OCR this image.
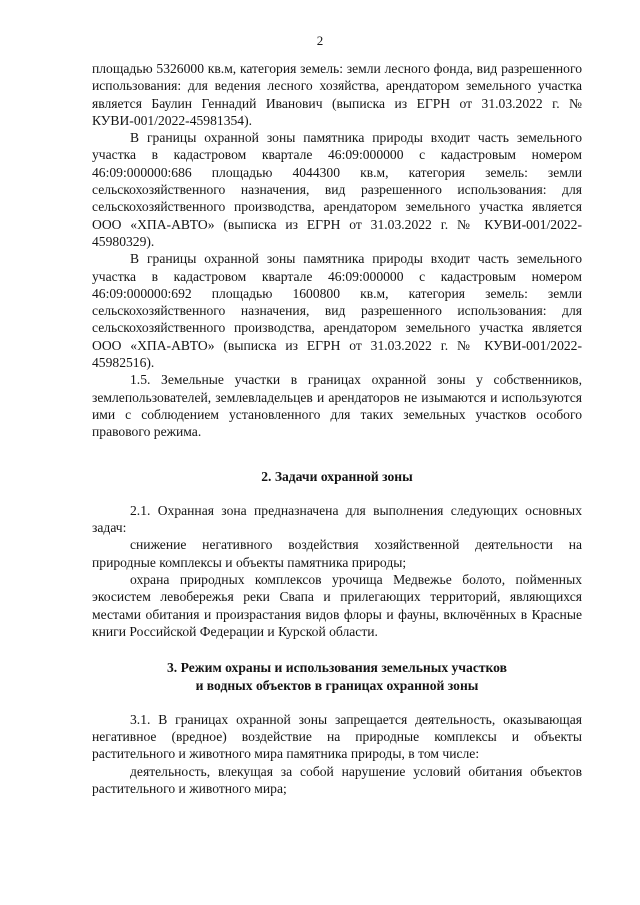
2

площадью 5326000 кв.м, категория земель: земли лесного фонда, вид разрешенного использования: для ведения лесного хозяйства, арендатором земельного участка является Баулин Геннадий Иванович (выписка из ЕГРН от 31.03.2022 г. № КУВИ-001/2022-45981354).

В границы охранной зоны памятника природы входит часть земельного участка в кадастровом квартале 46:09:000000 с кадастровым номером 46:09:000000:686 площадью 4044300 кв.м, категория земель: земли сельскохозяйственного назначения, вид разрешенного использования: для сельскохозяйственного производства, арендатором земельного участка является ООО «ХПА-АВТО» (выписка из ЕГРН от 31.03.2022 г. № КУВИ-001/2022-45980329).

В границы охранной зоны памятника природы входит часть земельного участка в кадастровом квартале 46:09:000000 с кадастровым номером 46:09:000000:692 площадью 1600800 кв.м, категория земель: земли сельскохозяйственного назначения, вид разрешенного использования: для сельскохозяйственного производства, арендатором земельного участка является ООО «ХПА-АВТО» (выписка из ЕГРН от 31.03.2022 г. № КУВИ-001/2022-45982516).

1.5. Земельные участки в границах охранной зоны у собственников, землепользователей, землевладельцев и арендаторов не изымаются и используются ими с соблюдением установленного для таких земельных участков особого правового режима.

2. Задачи охранной зоны

2.1. Охранная зона предназначена для выполнения следующих основных задач:

снижение негативного воздействия хозяйственной деятельности на природные комплексы и объекты памятника природы;

охрана природных комплексов урочища Медвежье болото, пойменных экосистем левобережья реки Свапа и прилегающих территорий, являющихся местами обитания и произрастания видов флоры и фауны, включённых в Красные книги Российской Федерации и Курской области.

3. Режим охраны и использования земельных участков
и водных объектов в границах охранной зоны

3.1. В границах охранной зоны запрещается деятельность, оказывающая негативное (вредное) воздействие на природные комплексы и объекты растительного и животного мира памятника природы, в том числе:

деятельность, влекущая за собой нарушение условий обитания объектов растительного и животного мира;
